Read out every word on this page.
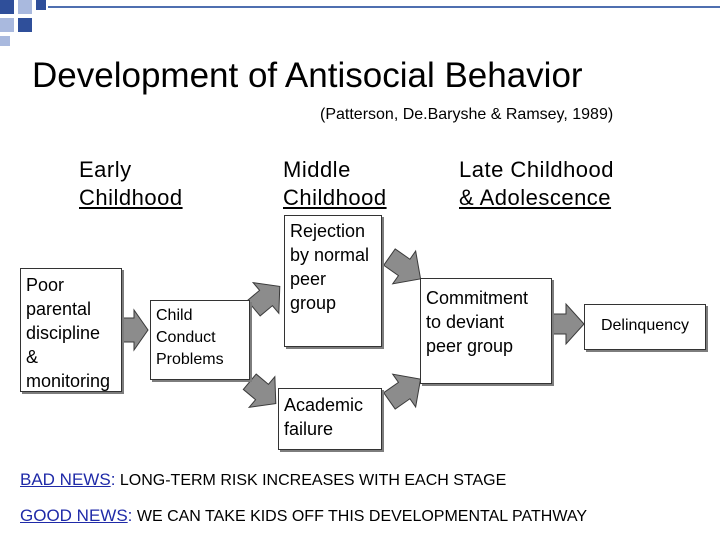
Development of Antisocial Behavior
(Patterson, De.Baryshe & Ramsey, 1989)
Early
Childhood
Middle
Childhood
Late Childhood
& Adolescence
Poor
parental
discipline
&
monitoring
Child
Conduct
Problems
Rejection
by normal
peer
group
Academic
failure
Commitment
to deviant
peer group
Delinquency
BAD NEWS: LONG-TERM RISK INCREASES WITH EACH STAGE
GOOD NEWS: WE CAN TAKE KIDS OFF THIS DEVELOPMENTAL PATHWAY
